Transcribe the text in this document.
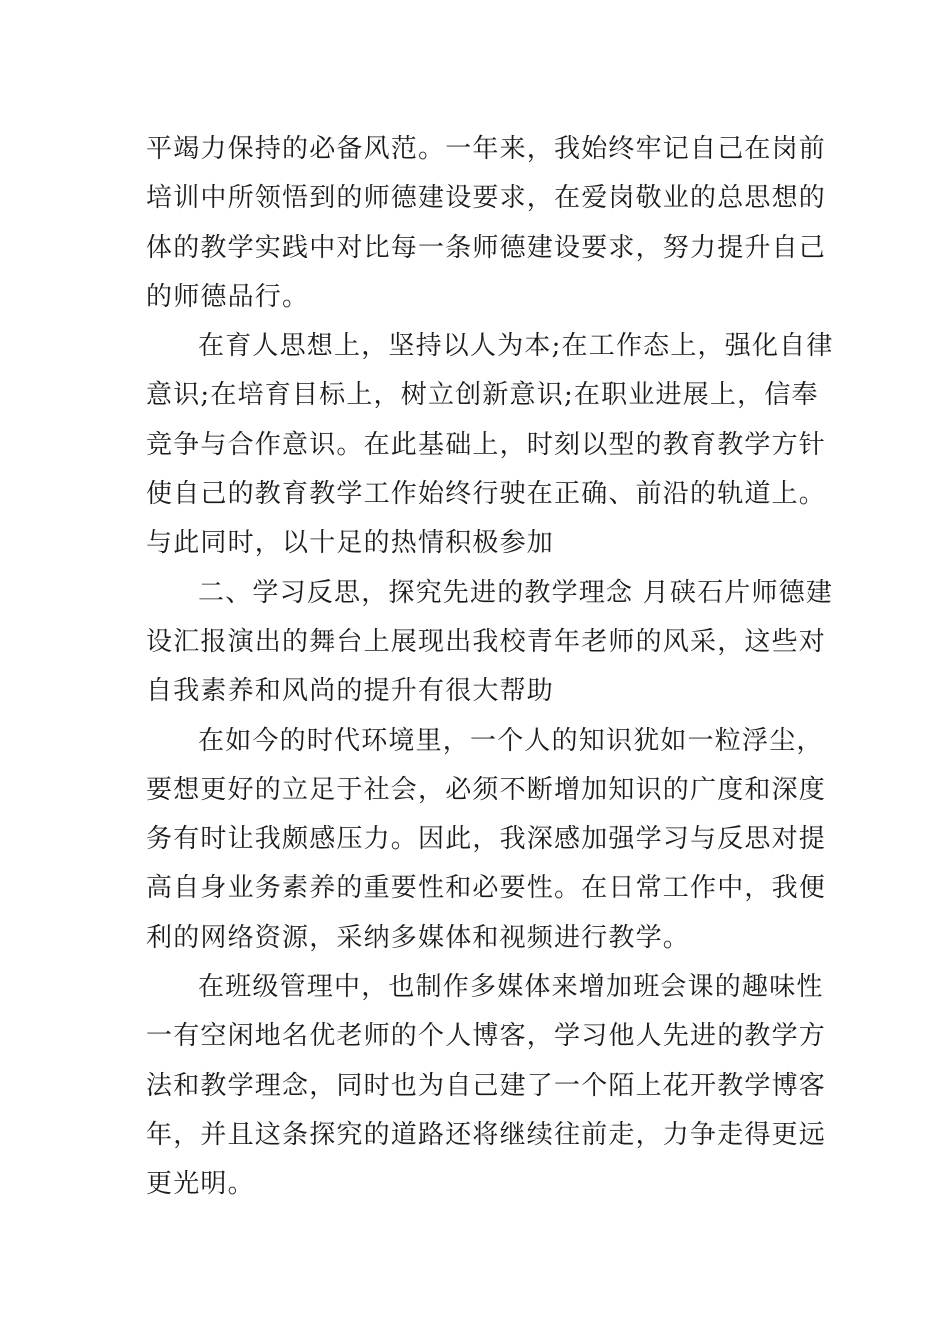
平竭力保持的必备风范。一年来，我始终牢记自己在岗前
培训中所领悟到的师德建设要求，在爱岗敬业的总思想的
体的教学实践中对比每一条师德建设要求，努力提升自己
的师德品行。
在育人思想上，坚持以人为本;在工作态上，强化自律
意识;在培育目标上，树立创新意识;在职业进展上，信奉
竞争与合作意识。在此基础上，时刻以型的教育教学方针
使自己的教育教学工作始终行驶在正确、前沿的轨道上。
与此同时，以十足的热情积极参加
二、学习反思，探究先进的教学理念 月硖石片师德建
设汇报演出的舞台上展现出我校青年老师的风采，这些对
自我素养和风尚的提升有很大帮助
在如今的时代环境里，一个人的知识犹如一粒浮尘，
要想更好的立足于社会，必须不断增加知识的广度和深度
务有时让我颇感压力。因此，我深感加强学习与反思对提
高自身业务素养的重要性和必要性。在日常工作中，我便
利的网络资源，采纳多媒体和视频进行教学。
在班级管理中，也制作多媒体来增加班会课的趣味性
一有空闲地名优老师的个人博客，学习他人先进的教学方
法和教学理念，同时也为自己建了一个陌上花开教学博客
年，并且这条探究的道路还将继续往前走，力争走得更远
更光明。
